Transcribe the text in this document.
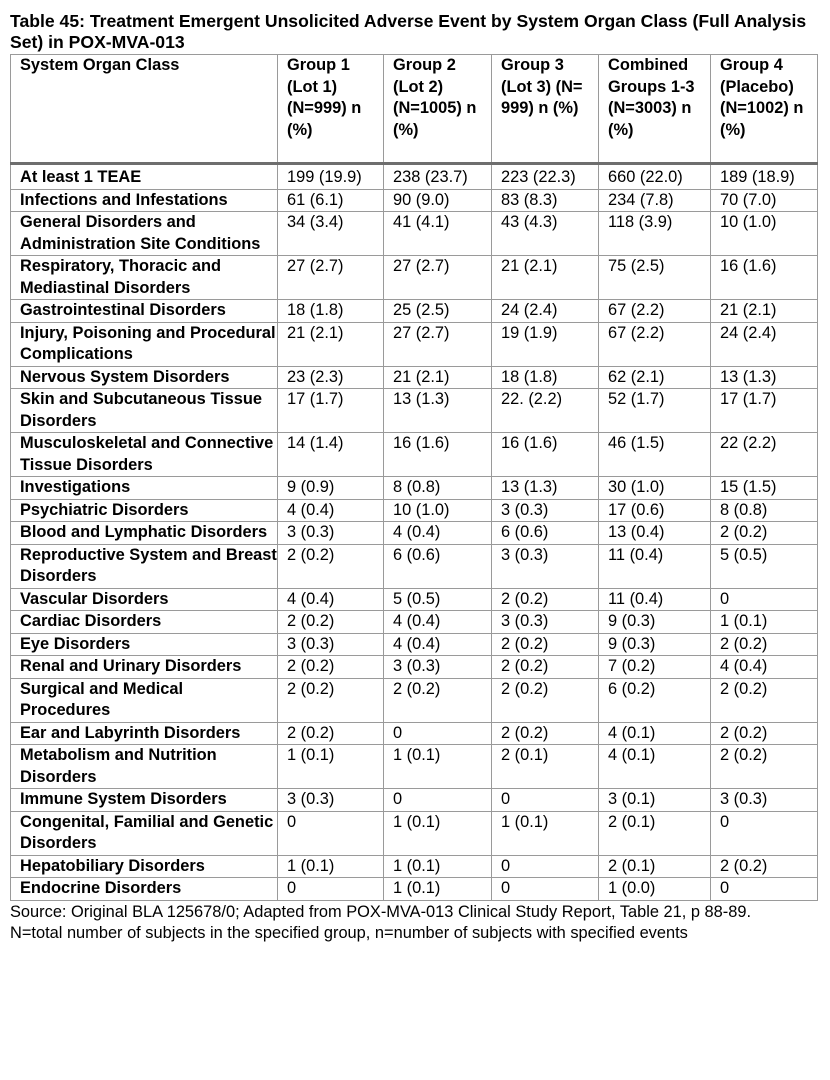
Table 45: Treatment Emergent Unsolicited Adverse Event by System Organ Class (Full Analysis Set) in POX-MVA-013
System Organ Class	Group 1 (Lot 1) (N=999) n (%)	Group 2 (Lot 2) (N=1005) n (%)	Group 3 (Lot 3) (N= 999) n (%)	Combined Groups 1-3 (N=3003) n (%)	Group 4 (Placebo) (N=1002) n (%)
At least 1 TEAE	199 (19.9)	238 (23.7)	223 (22.3)	660 (22.0)	189 (18.9)
Infections and Infestations	61 (6.1)	90 (9.0)	83 (8.3)	234 (7.8)	70 (7.0)
General Disorders and Administration Site Conditions	34 (3.4)	41 (4.1)	43 (4.3)	118 (3.9)	10 (1.0)
Respiratory, Thoracic and Mediastinal Disorders	27 (2.7)	27 (2.7)	21 (2.1)	75 (2.5)	16 (1.6)
Gastrointestinal Disorders	18 (1.8)	25 (2.5)	24 (2.4)	67 (2.2)	21 (2.1)
Injury, Poisoning and Procedural Complications	21 (2.1)	27 (2.7)	19 (1.9)	67 (2.2)	24 (2.4)
Nervous System Disorders	23 (2.3)	21 (2.1)	18 (1.8)	62 (2.1)	13 (1.3)
Skin and Subcutaneous Tissue Disorders	17 (1.7)	13 (1.3)	22. (2.2)	52 (1.7)	17 (1.7)
Musculoskeletal and Connective Tissue Disorders	14 (1.4)	16 (1.6)	16 (1.6)	46 (1.5)	22 (2.2)
Investigations	9 (0.9)	8 (0.8)	13 (1.3)	30 (1.0)	15 (1.5)
Psychiatric Disorders	4 (0.4)	10 (1.0)	3 (0.3)	17 (0.6)	8 (0.8)
Blood and Lymphatic Disorders	3 (0.3)	4 (0.4)	6 (0.6)	13 (0.4)	2 (0.2)
Reproductive System and Breast Disorders	2 (0.2)	6 (0.6)	3 (0.3)	11 (0.4)	5 (0.5)
Vascular Disorders	4 (0.4)	5 (0.5)	2 (0.2)	11 (0.4)	0
Cardiac Disorders	2 (0.2)	4 (0.4)	3 (0.3)	9 (0.3)	1 (0.1)
Eye Disorders	3 (0.3)	4 (0.4)	2 (0.2)	9 (0.3)	2 (0.2)
Renal and Urinary Disorders	2 (0.2)	3 (0.3)	2 (0.2)	7 (0.2)	4 (0.4)
Surgical and Medical Procedures	2 (0.2)	2 (0.2)	2 (0.2)	6 (0.2)	2 (0.2)
Ear and Labyrinth Disorders	2 (0.2)	0	2 (0.2)	4 (0.1)	2 (0.2)
Metabolism and Nutrition Disorders	1 (0.1)	1 (0.1)	2 (0.1)	4 (0.1)	2 (0.2)
Immune System Disorders	3 (0.3)	0	0	3 (0.1)	3 (0.3)
Congenital, Familial and Genetic Disorders	0	1 (0.1)	1 (0.1)	2 (0.1)	0
Hepatobiliary Disorders	1 (0.1)	1 (0.1)	0	2 (0.1)	2 (0.2)
Endocrine Disorders	0	1 (0.1)	0	1 (0.0)	0
Source: Original BLA 125678/0; Adapted from POX-MVA-013 Clinical Study Report, Table 21, p 88-89.
N=total number of subjects in the specified group, n=number of subjects with specified events
